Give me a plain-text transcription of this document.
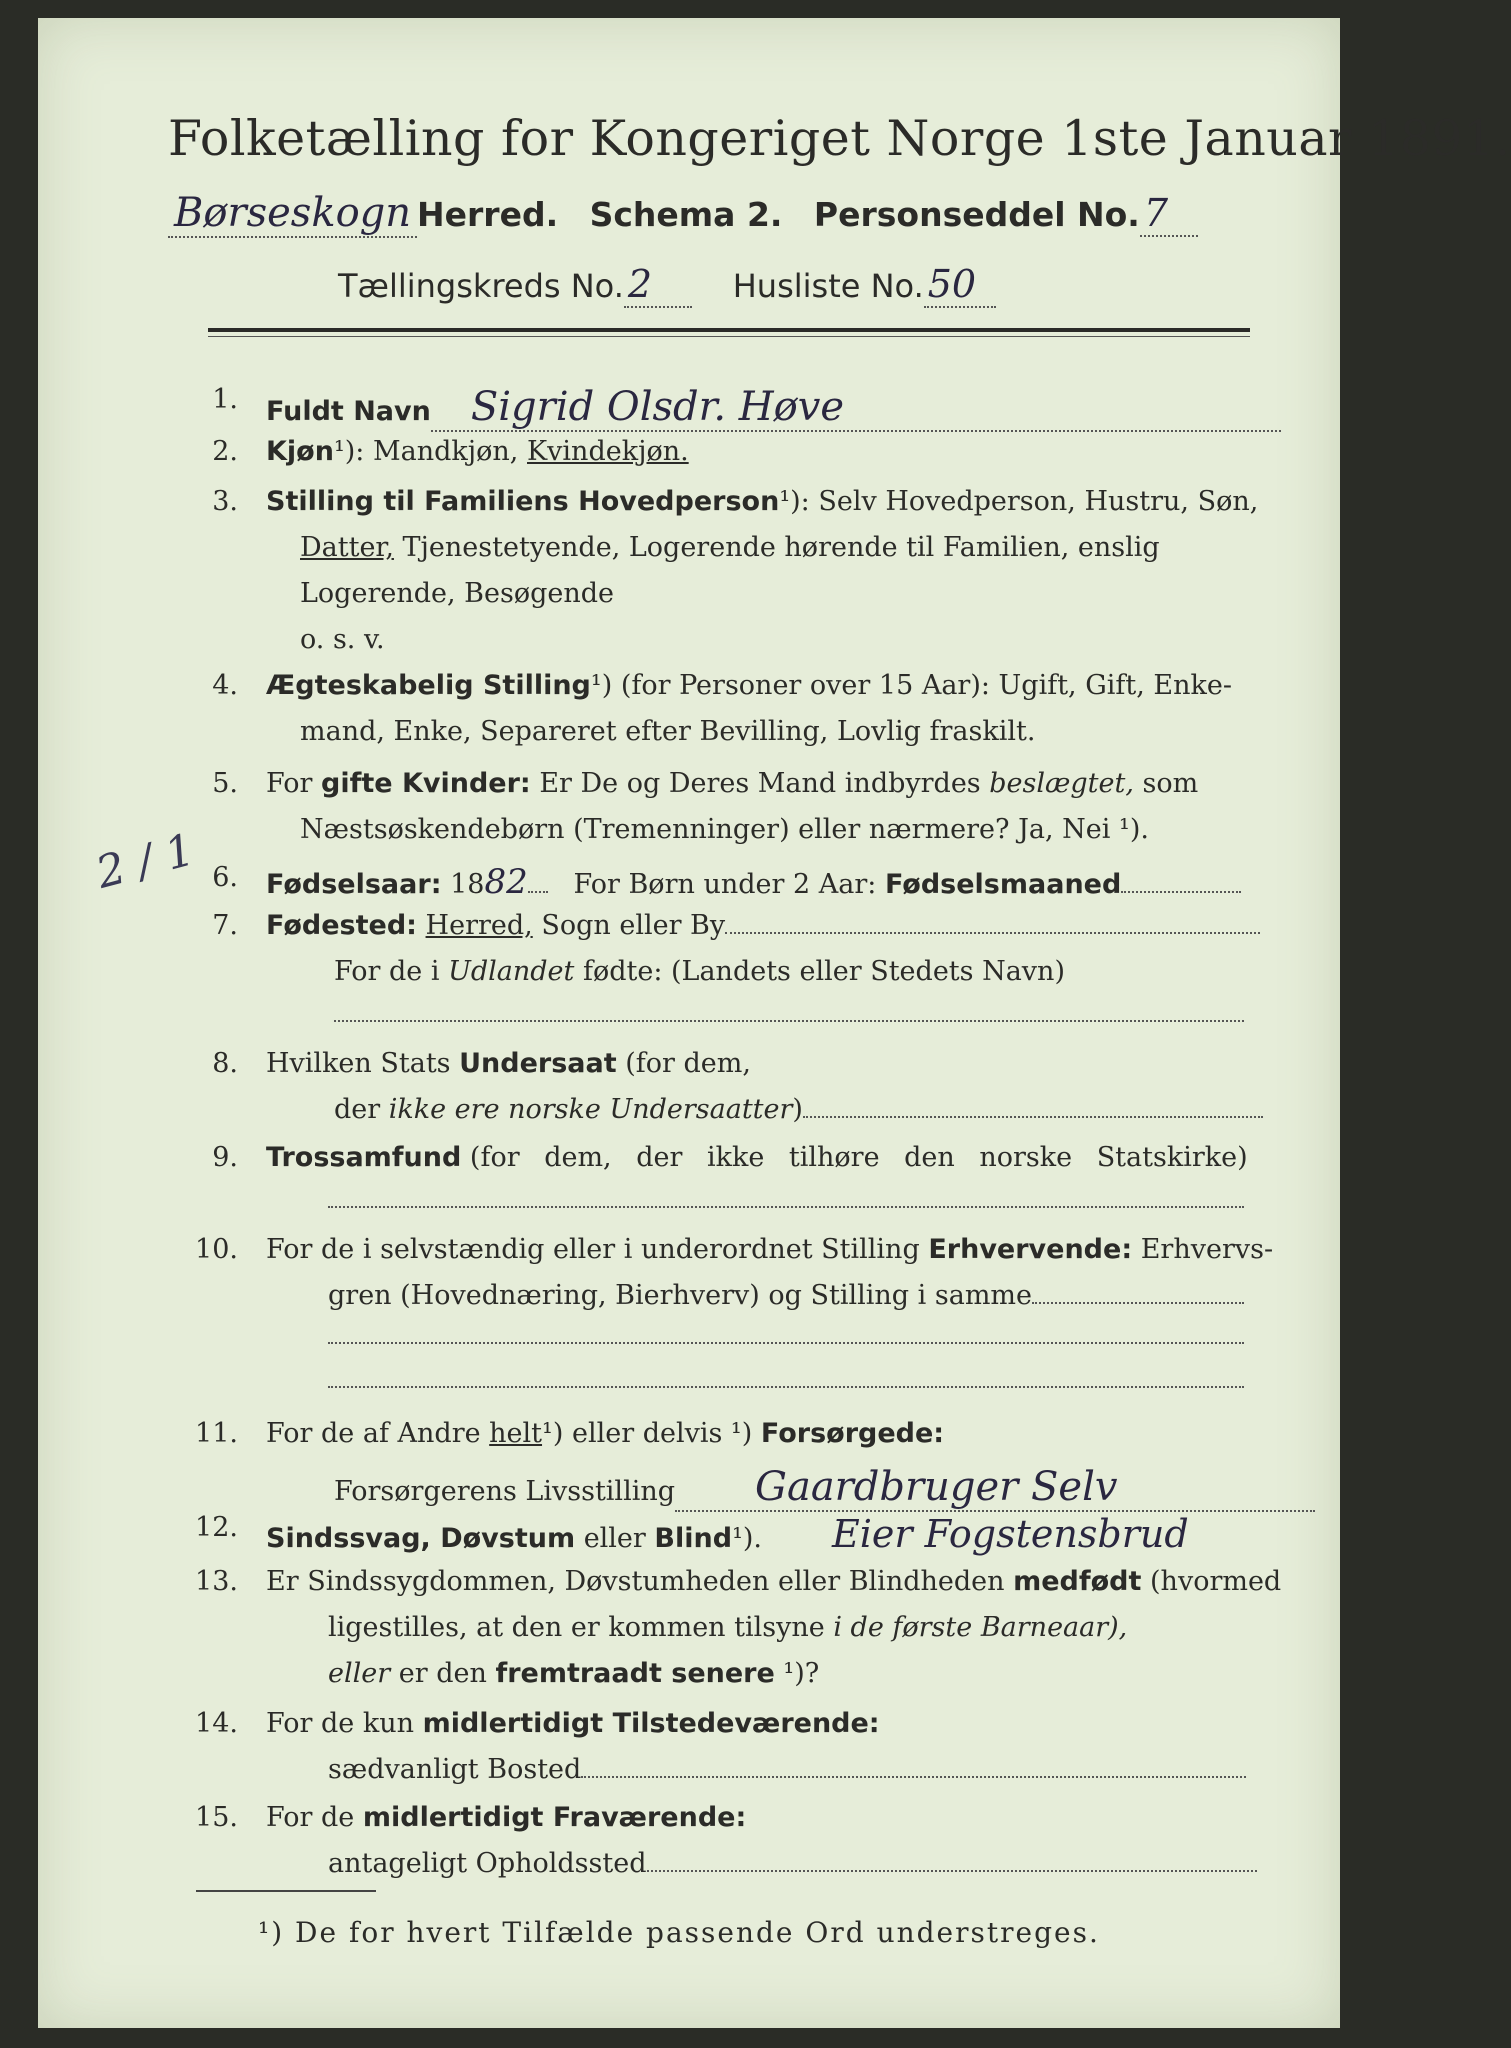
Folketælling for Kongeriget Norge 1ste Januar 1891.
Børseskogn Herred. Schema 2. Personseddel No. 7
Tællingskreds No. 2	Husliste No. 50
1. Fuldt Navn Sigrid Olsdr. Høve
2. Kjøn¹): Mandkjøn, Kvindekjøn.
3. Stilling til Familiens Hovedperson¹): Selv Hovedperson, Hustru, Søn,
Datter, Tjenestetyende, Logerende hørende til Familien, enslig
Logerende, Besøgende
o. s. v.
4. Ægteskabelig Stilling¹) (for Personer over 15 Aar): Ugift, Gift, Enke-
mand, Enke, Separeret efter Bevilling, Lovlig fraskilt.
5. For gifte Kvinder: Er De og Deres Mand indbyrdes beslægtet, som
Næstsøskendebørn (Tremenninger) eller nærmere? Ja, Nei ¹).
6. Fødselsaar: 1882 For Børn under 2 Aar: Fødselsmaaned
7. Fødested: Herred, Sogn eller By
For de i Udlandet fødte: (Landets eller Stedets Navn)
8. Hvilken Stats Undersaat (for dem,
der ikke ere norske Undersaatter)
9. Trossamfund (for dem, der ikke tilhøre den norske Statskirke)
10. For de i selvstændig eller i underordnet Stilling Erhvervende: Erhvervs-
gren (Hovednæring, Bierhverv) og Stilling i samme
11. For de af Andre helt¹) eller delvis ¹) Forsørgede:
Forsørgerens Livsstilling Gaardbruger Selv
12. Sindssvag, Døvstum eller Blind¹). Eier Fogstensbrud
13. Er Sindssygdommen, Døvstumheden eller Blindheden medfødt (hvormed
ligestilles, at den er kommen tilsyne i de første Barneaar),
eller er den fremtraadt senere ¹)?
14. For de kun midlertidigt Tilstedeværende:
sædvanligt Bosted
15. For de midlertidigt Fraværende:
¹) De for hvert Tilfælde passende Ord understreges.
2 / 1
antageligt Opholdssted
